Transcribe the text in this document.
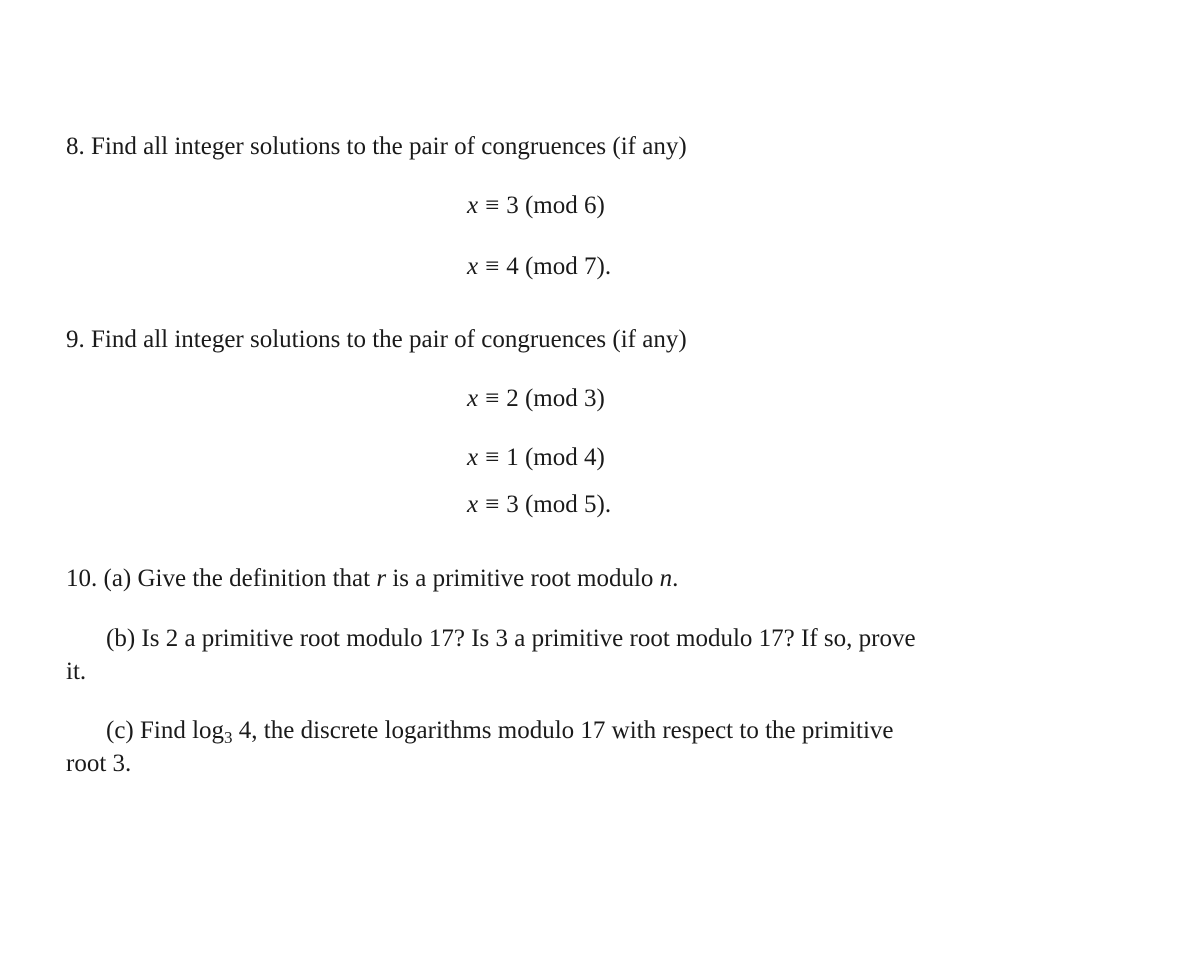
8. Find all integer solutions to the pair of congruences (if any)
x ≡ 3 (mod 6)
x ≡ 4 (mod 7).
9. Find all integer solutions to the pair of congruences (if any)
x ≡ 2 (mod 3)
x ≡ 1 (mod 4)
x ≡ 3 (mod 5).
10. (a) Give the definition that r is a primitive root modulo n.
(b) Is 2 a primitive root modulo 17? Is 3 a primitive root modulo 17? If so, prove
it.
(c) Find $\log_3 4$, the discrete logarithms modulo 17 with respect to the primitive
root 3.
